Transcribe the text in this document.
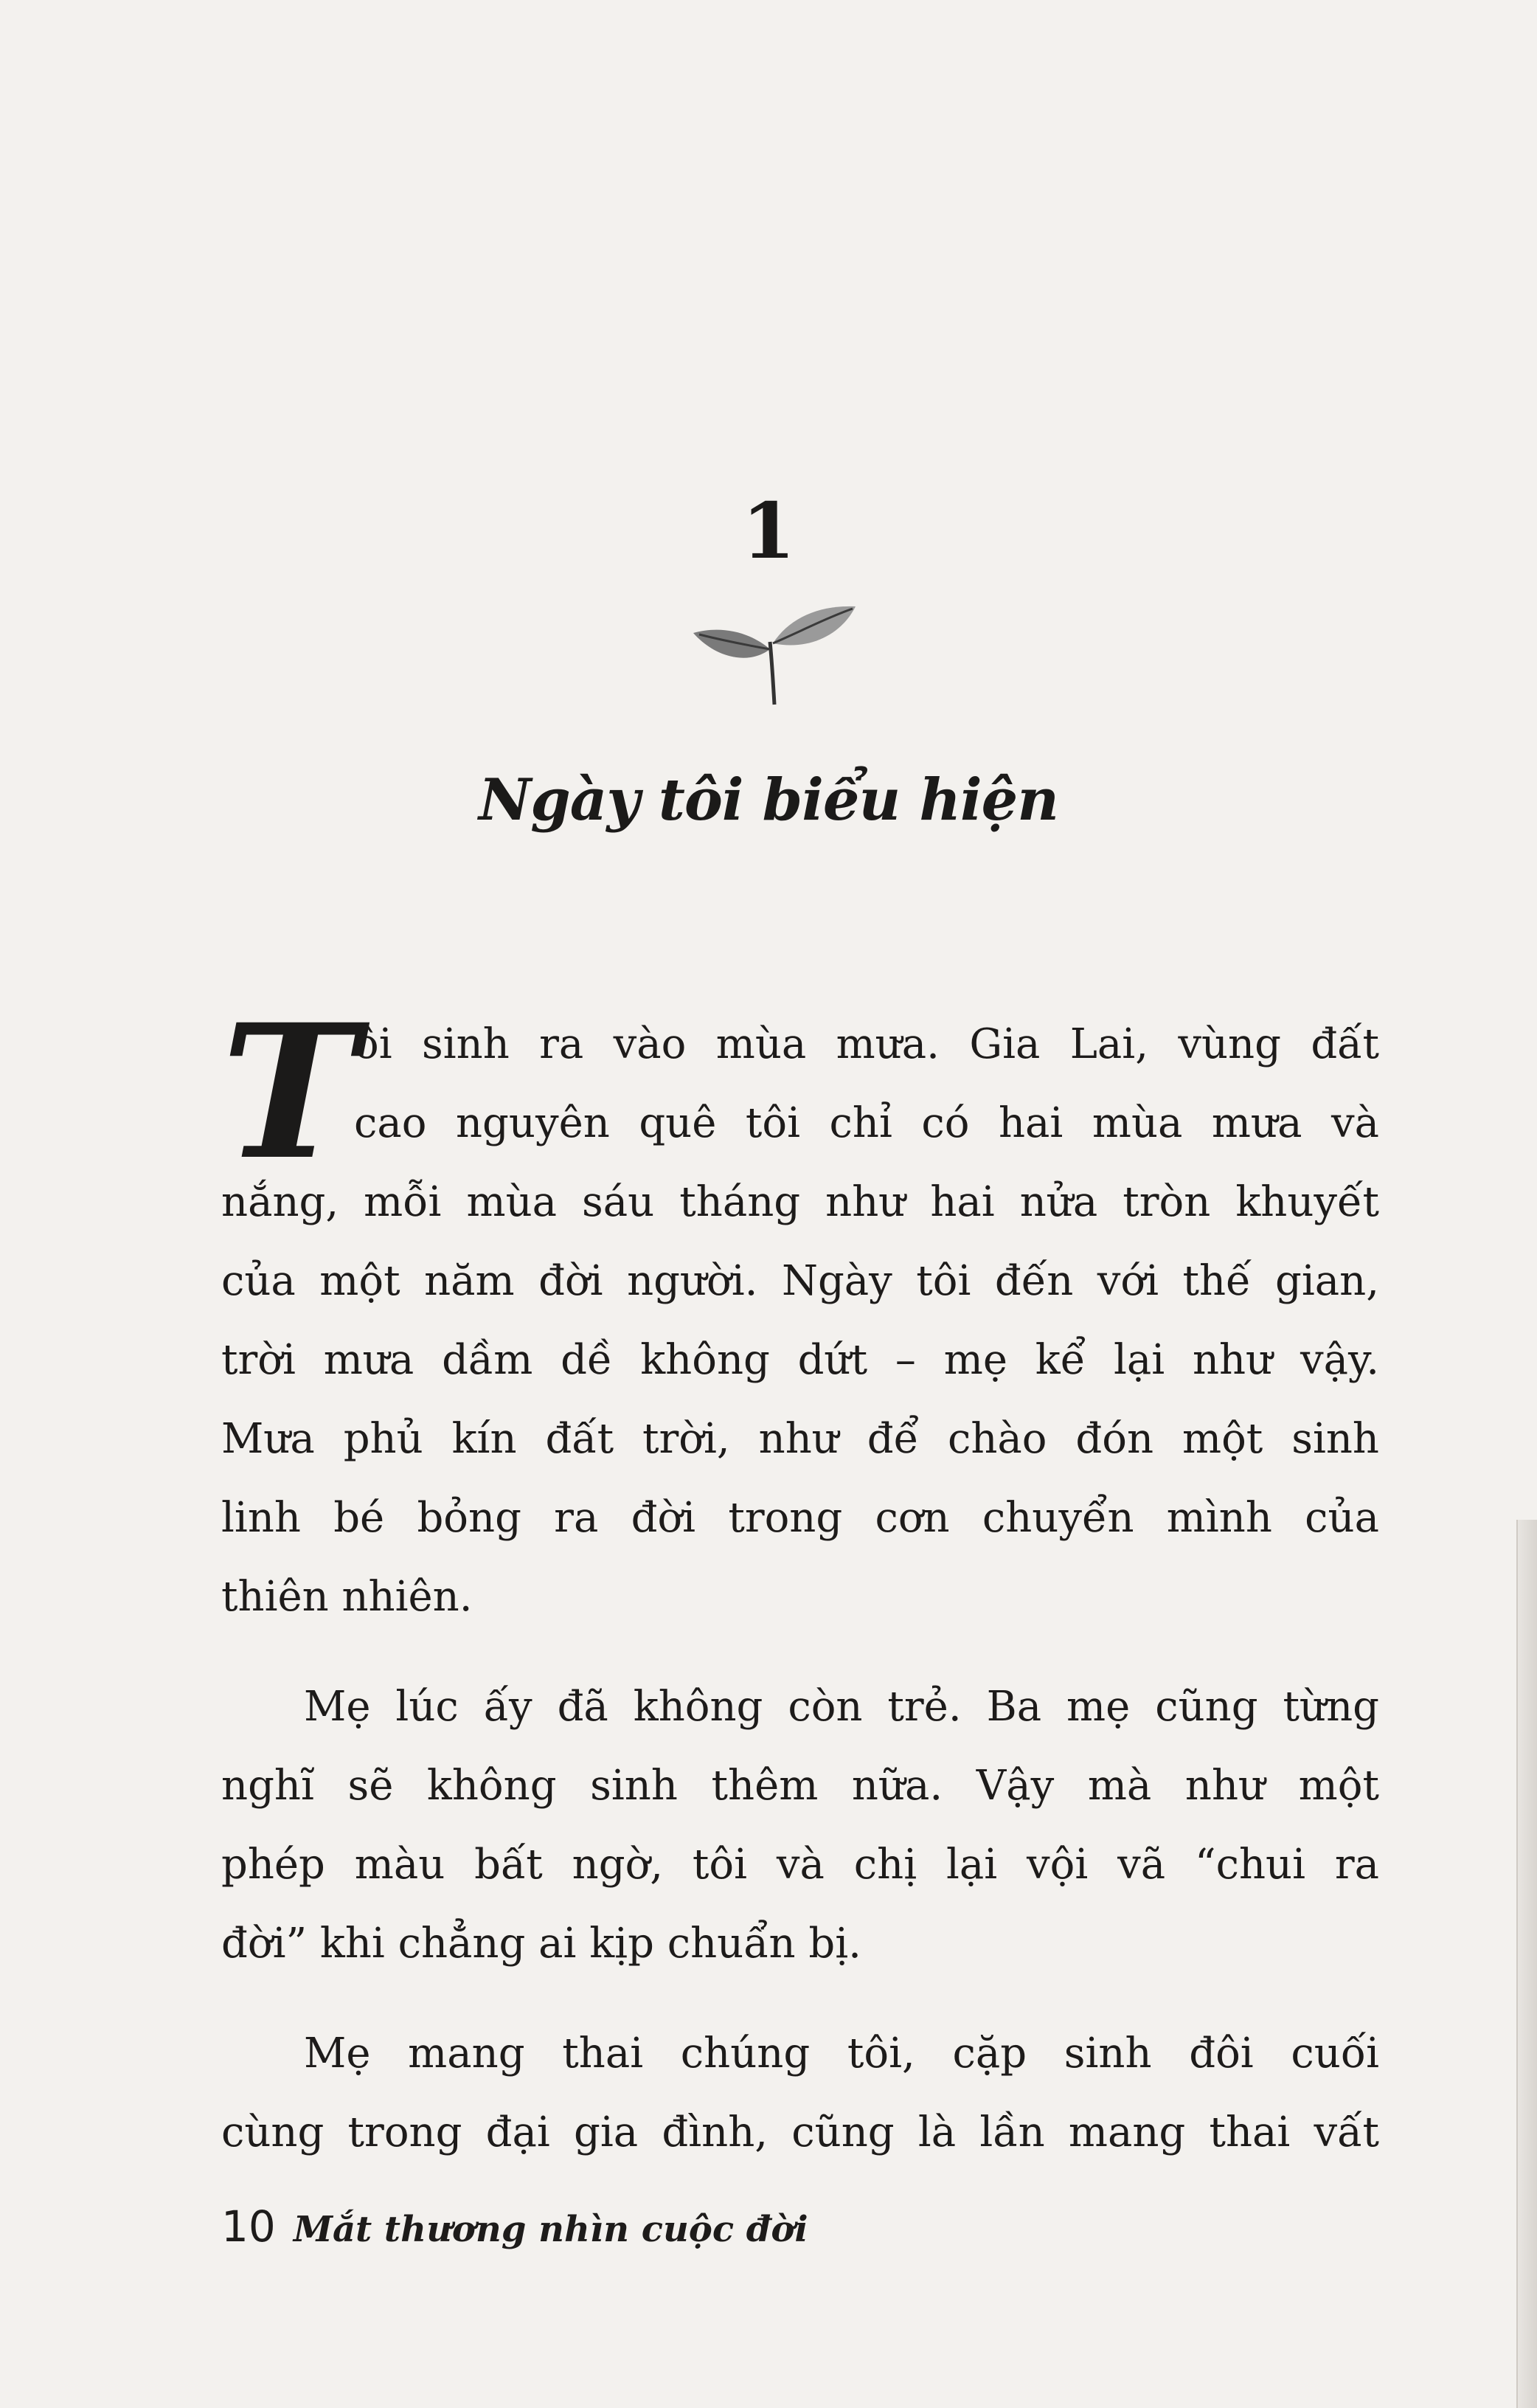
1
Ngày tôi biểu hiện
T
ôi sinh ra vào mùa mưa. Gia Lai, vùng đất
cao nguyên quê tôi chỉ có hai mùa mưa và
nắng, mỗi mùa sáu tháng như hai nửa tròn khuyết
của một năm đời người. Ngày tôi đến với thế gian,
trời mưa dầm dề không dứt – mẹ kể lại như vậy.
Mưa phủ kín đất trời, như để chào đón một sinh
linh bé bỏng ra đời trong cơn chuyển mình của
thiên nhiên.
Mẹ lúc ấy đã không còn trẻ. Ba mẹ cũng từng
nghĩ sẽ không sinh thêm nữa. Vậy mà như một
phép màu bất ngờ, tôi và chị lại vội vã “chui ra
đời” khi chẳng ai kịp chuẩn bị.
Mẹ mang thai chúng tôi, cặp sinh đôi cuối
cùng trong đại gia đình, cũng là lần mang thai vất
10 Mắt thương nhìn cuộc đời
